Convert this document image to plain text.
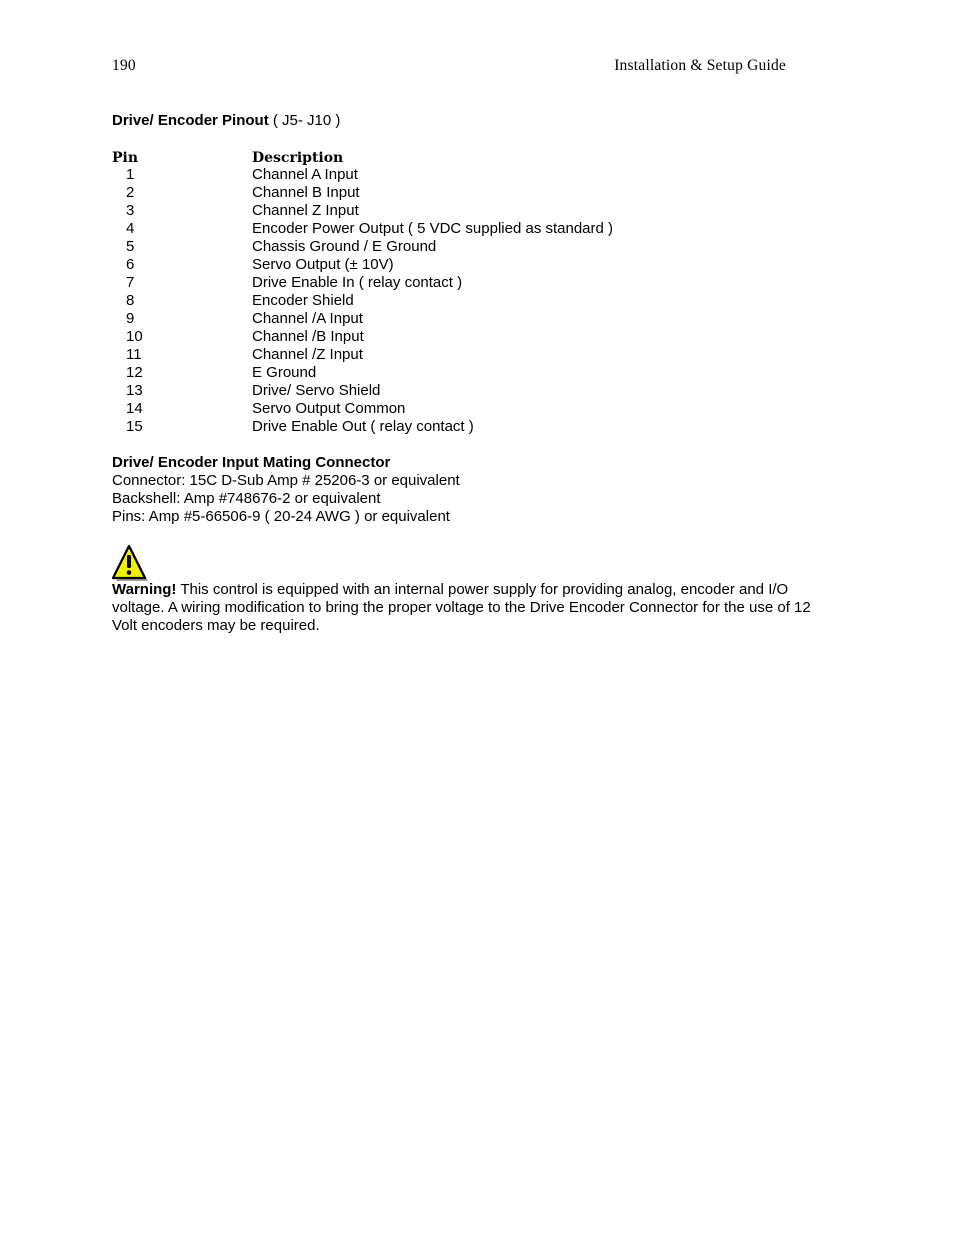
190	Installation & Setup Guide
Drive/ Encoder Pinout ( J5- J10 )
Pin	Description
1	Channel A Input
2	Channel B Input
3	Channel Z Input
4	Encoder Power Output ( 5 VDC supplied as standard )
5	Chassis Ground / E Ground
6	Servo Output (± 10V)
7	Drive Enable In ( relay contact )
8	Encoder Shield
9	Channel /A Input
10	Channel /B Input
11	Channel /Z Input
12	E Ground
13	Drive/ Servo Shield
14	Servo Output Common
15	Drive Enable Out ( relay contact )
Drive/ Encoder Input Mating Connector
Connector: 15C D-Sub Amp # 25206-3 or equivalent
Backshell: Amp #748676-2 or equivalent
Pins: Amp #5-66506-9 ( 20-24 AWG ) or equivalent
Warning! This control is equipped with an internal power supply for providing analog, encoder and I/O voltage. A wiring modification to bring the proper voltage to the Drive Encoder Connector for the use of 12 Volt encoders may be required.
